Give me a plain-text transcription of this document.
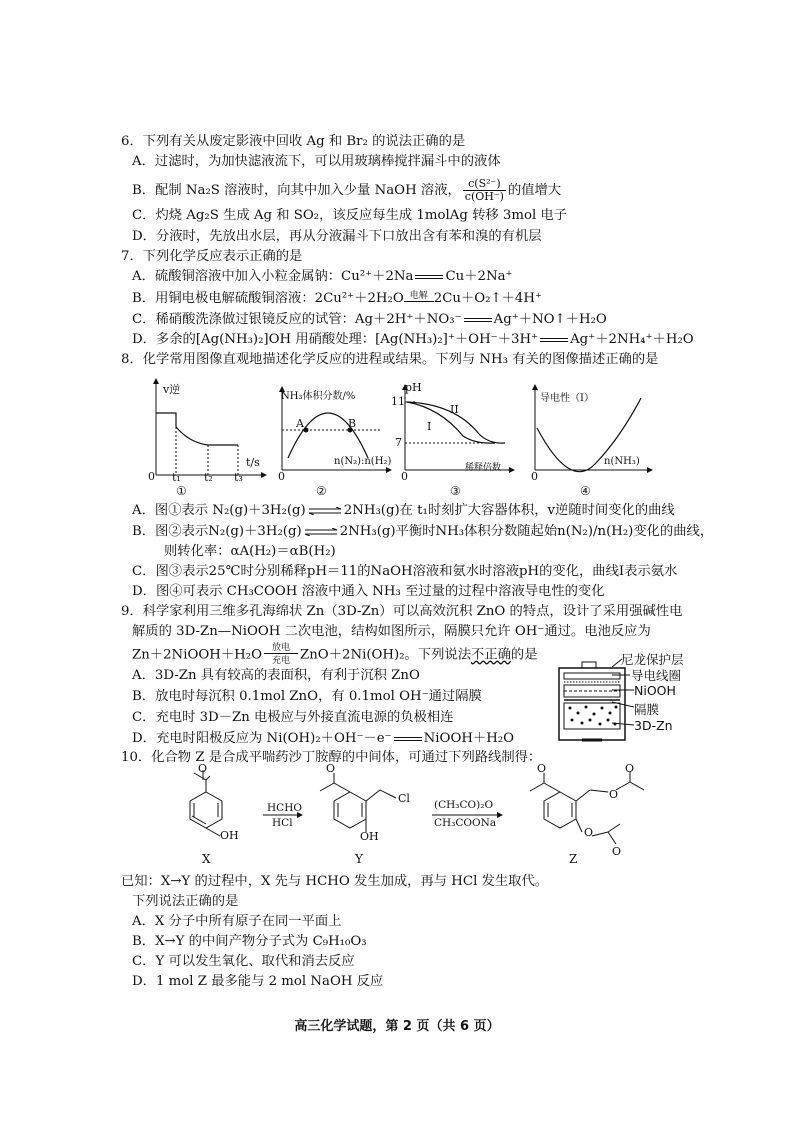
6．下列有关从废定影液中回收 Ag 和 Br₂ 的说法正确的是
A．过滤时，为加快滤液流下，可以用玻璃棒搅拌漏斗中的液体
B．配制 Na₂S 溶液时，向其中加入少量 NaOH 溶液， $\frac{\text{c(S²⁻)}}{c(OH^-)}$ 的值增大
C．灼烧 Ag₂S 生成 Ag 和 SO₂，该反应每生成 1molAg 转移 3mol 电子
D．分液时，先放出水层，再从分液漏斗下口放出含有苯和溴的有机层
7．下列化学反应表示正确的是
A．硫酸铜溶液中加入小粒金属钠：Cu²⁺＋2Na Cu＋2Na⁺
B．用铜电极电解硫酸铜溶液：2Cu²⁺＋2H₂O 电解 2Cu＋O₂↑＋4H⁺
C．稀硝酸洗涤做过银镜反应的试管：Ag＋2H⁺＋NO₃⁻ Ag⁺＋NO↑＋H₂O
D．多余的[Ag(NH₃)₂]OH 用硝酸处理：[Ag(NH₃)₂]⁺＋OH⁻＋3H⁺ Ag⁺＋2NH₄⁺＋H₂O
8．化学常用图像直观地描述化学反应的进程或结果。下列与 NH₃ 有关的图像描述正确的是
v逆
t/s
0 t₁ t₂ t₃
①
NH₃体积分数/%
A	B
n(N₂):n(H₂)
0
②
pH
11
7
II
I
稀释倍数
0
③
导电性（I）
n(NH₃)
0
④
A．图①表示 N₂(g)＋3H₂(g) ⇌ 2NH₃(g)在 t₁时刻扩大容器体积，v逆随时间变化的曲线
B．图②表示N₂(g)＋3H₂(g) ⇌ 2NH₃(g)平衡时NH₃体积分数随起始n(N₂)/n(H₂)变化的曲线，
则转化率：αA(H₂)＝αB(H₂)
C．图③表示25℃时分别稀释pH＝11的NaOH溶液和氨水时溶液pH的变化，曲线Ⅰ表示氨水
D．图④可表示 CH₃COOH 溶液中通入 NH₃ 至过量的过程中溶液导电性的变化
9．科学家利用三维多孔海绵状 Zn（3D-Zn）可以高效沉积 ZnO 的特点，设计了采用强碱性电
解质的 3D-Zn—NiOOH 二次电池，结构如图所示，隔膜只允许 OH⁻通过。电池反应为
Zn＋2NiOOH＋H₂O	放电
充电 ZnO＋2Ni(OH)₂。下列说法不正确的是
A．3D-Zn 具有较高的表面积，有利于沉积 ZnO
B．放电时每沉积 0.1mol ZnO，有 0.1mol OH⁻通过隔膜
C．充电时 3D－Zn 电极应与外接直流电源的负极相连
D．充电时阳极反应为 Ni(OH)₂＋OH⁻－e⁻ NiOOH＋H₂O
尼龙保护层
导电线圈
NiOOH
隔膜
3D-Zn
10．化合物 Z 是合成平喘药沙丁胺醇的中间体，可通过下列路线制得：
O
OH
HCHO
HCl
O
Cl
OH
(CH₃CO)₂O
CH₃COONa
O
O
O
O
O
X	Y	Z
已知：X→Y 的过程中，X 先与 HCHO 发生加成，再与 HCl 发生取代。
下列说法正确的是
A．X 分子中所有原子在同一平面上
B．X→Y 的中间产物分子式为 C₉H₁₀O₃
C．Y 可以发生氧化、取代和消去反应
D．1 mol Z 最多能与 2 mol NaOH 反应
高三化学试题，第 2 页（共 6 页）
